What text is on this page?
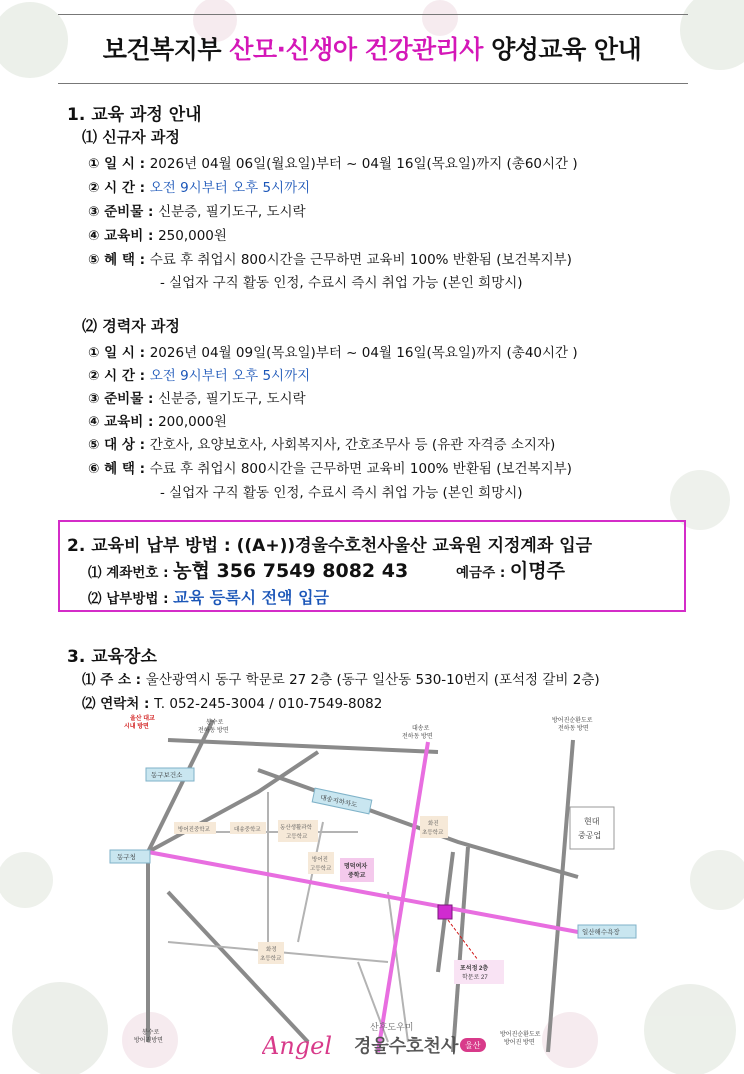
보건복지부 산모·신생아 건강관리사 양성교육 안내
1. 교육 과정 안내
⑴ 신규자 과정
① 일 시 : 2026년 04월 06일(월요일)부터 ~ 04월 16일(목요일)까지 (총60시간 )
② 시 간 : 오전 9시부터 오후 5시까지
③ 준비물 : 신분증, 필기도구, 도시락
④ 교육비 : 250,000원
⑤ 혜 택 : 수료 후 취업시 800시간을 근무하면 교육비 100% 반환됨 (보건복지부)
- 실업자 구직 활동 인정, 수료시 즉시 취업 가능 (본인 희망시)
⑵ 경력자 과정
① 일 시 : 2026년 04월 09일(목요일)부터 ~ 04월 16일(목요일)까지 (총40시간 )
② 시 간 : 오전 9시부터 오후 5시까지
③ 준비물 : 신분증, 필기도구, 도시락
④ 교육비 : 200,000원
⑤ 대 상 : 간호사, 요양보호사, 사회복지사, 간호조무사 등 (유관 자격증 소지자)
⑥ 혜 택 : 수료 후 취업시 800시간을 근무하면 교육비 100% 반환됨 (보건복지부)
- 실업자 구직 활동 인정, 수료시 즉시 취업 가능 (본인 희망시)
2. 교육비 납부 방법 : ((A+))경울수호천사울산 교육원 지정계좌 입금
⑴ 계좌번호 : 농협 356 7549 8082 43	예금주 : 이명주
⑵ 납부방법 : 교육 등록시 전액 입금
3. 교육장소
⑴ 주 소 : 울산광역시 동구 학문로 27 2층 (동구 일산동 530-10번지 (포석정 갈비 2층)
⑵ 연락처 : T. 052-245-3004 / 010-7549-8082
울산 대교
시내 방면
봉수로
전하동 방면	대송로
전하동 방면
방어진순환도로
전하동 방면
동구보건소
대송지하차도
현대
중공업
동구청
일산해수욕장
방어진중학교	대송중학교	동산생활과학
고등학교
화진
초등학교
방어진
고등학교
화정
초등학교
명덕여자
중학교
포석정 2층
학문로 27
봉수로
방어진방면
방어진순환도로
방어진 방면
Angel
산후도우미
경울수호천사 울산
